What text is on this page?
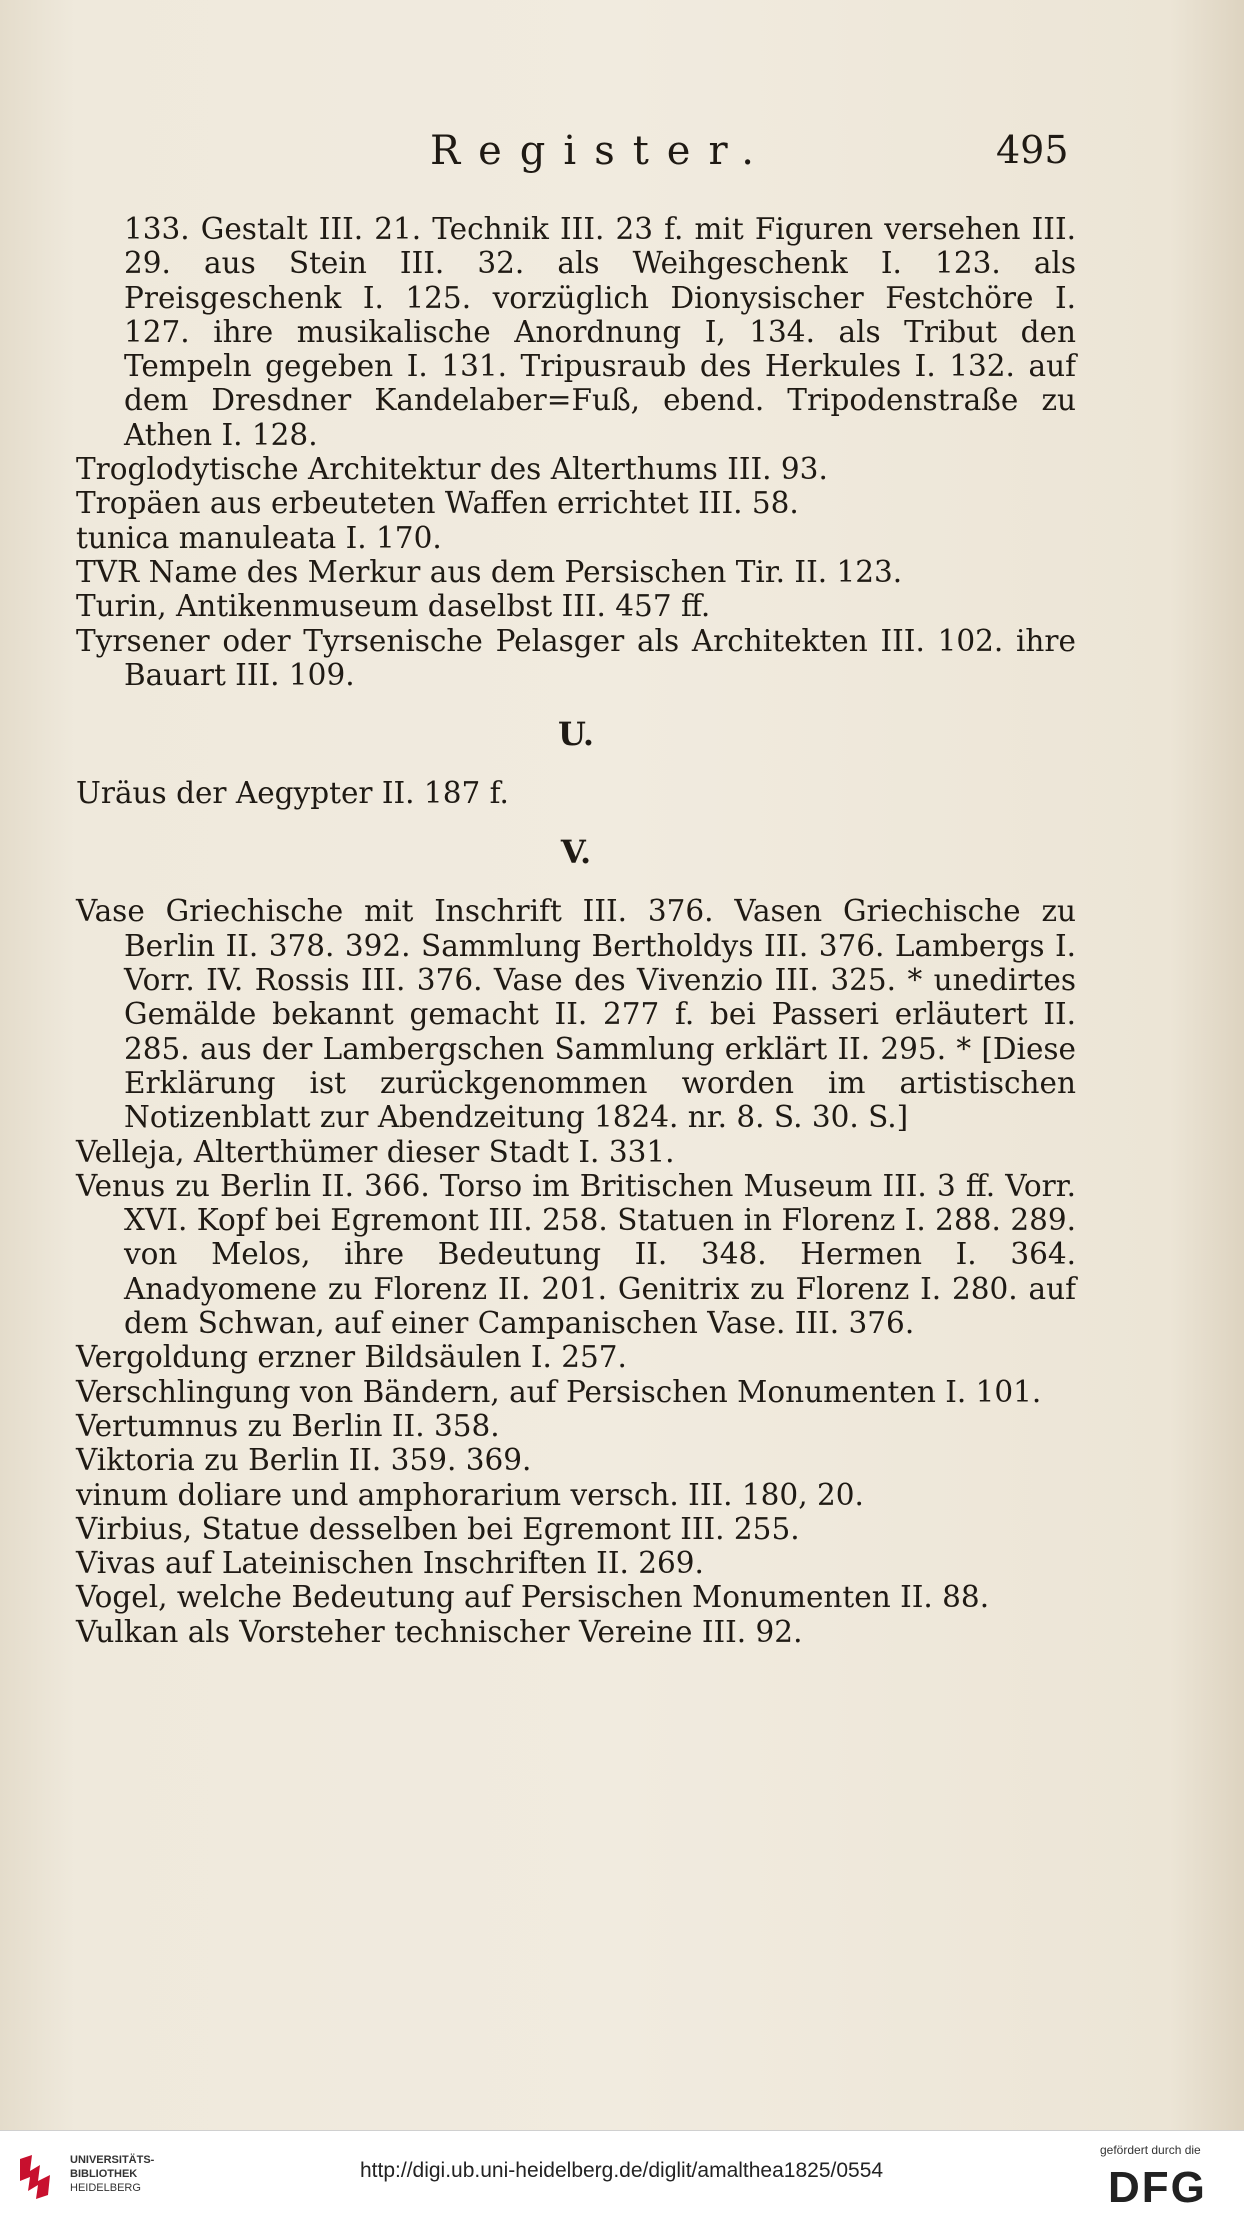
Register.	495
133. Gestalt III. 21. Technik III. 23 f. mit Figuren versehen III. 29. aus Stein III. 32. als Weihgeschenk I. 123. als Preisgeschenk I. 125. vorzüglich Dionysischer Festchöre I. 127. ihre musikalische Anordnung I, 134. als Tribut den Tempeln gegeben I. 131. Tripusraub des Herkules I. 132. auf dem Dresdner Kandelaber=Fuß, ebend. Tripodenstraße zu Athen I. 128.
Troglodytische Architektur des Alterthums III. 93.
Tropäen aus erbeuteten Waffen errichtet III. 58.
tunica manuleata I. 170.
TVR Name des Merkur aus dem Persischen Tir. II. 123.
Turin, Antikenmuseum daselbst III. 457 ff.
Tyrsener oder Tyrsenische Pelasger als Architekten III. 102. ihre Bauart III. 109.
U.
Uräus der Aegypter II. 187 f.
V.
Vase Griechische mit Inschrift III. 376. Vasen Griechische zu Berlin II. 378. 392. Sammlung Bertholdys III. 376. Lambergs I. Vorr. IV. Rossis III. 376. Vase des Vivenzio III. 325. * unedirtes Gemälde bekannt gemacht II. 277 f. bei Passeri erläutert II. 285. aus der Lambergschen Sammlung erklärt II. 295. * [Diese Erklärung ist zurückgenommen worden im artistischen Notizenblatt zur Abendzeitung 1824. nr. 8. S. 30. S.]
Velleja, Alterthümer dieser Stadt I. 331.
Venus zu Berlin II. 366. Torso im Britischen Museum III. 3 ff. Vorr. XVI. Kopf bei Egremont III. 258. Statuen in Florenz I. 288. 289. von Melos, ihre Bedeutung II. 348. Hermen I. 364. Anadyomene zu Florenz II. 201. Genitrix zu Florenz I. 280. auf dem Schwan, auf einer Campanischen Vase. III. 376.
Vergoldung erzner Bildsäulen I. 257.
Verschlingung von Bändern, auf Persischen Monumenten I. 101.
Vertumnus zu Berlin II. 358.
Viktoria zu Berlin II. 359. 369.
vinum doliare und amphorarium versch. III. 180, 20.
Virbius, Statue desselben bei Egremont III. 255.
Vivas auf Lateinischen Inschriften II. 269.
Vogel, welche Bedeutung auf Persischen Monumenten II. 88.
Vulkan als Vorsteher technischer Vereine III. 92.
UNIVERSITÄTS-
BIBLIOTHEK
HEIDELBERG
http://digi.ub.uni-heidelberg.de/diglit/amalthea1825/0554
gefördert durch die
DFG
